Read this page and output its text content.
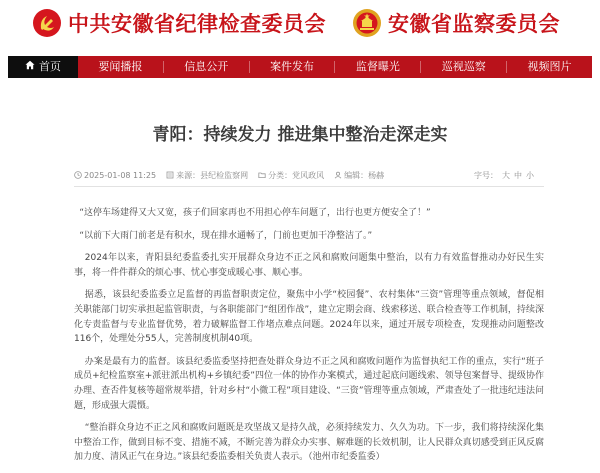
中共安徽省纪律检查委员会	安徽省监察委员会
首页	要闻播报	信息公开	案件发布	监督曝光	巡视巡察	视频图片
青阳：持续发力 推进集中整治走深走实
2025-01-08 11:25	来源：县纪检监察网	分类：党风政风	编辑：杨赫	字号： 大 中 小

“这停车场建得又大又宽，孩子们回家再也不用担心停车问题了，出行也更方便安全了！”

“以前下大雨门前老是有积水，现在排水通畅了，门前也更加干净整洁了。”

2024年以来，青阳县纪委监委扎实开展群众身边不正之风和腐败问题集中整治，以有力有效监督推动办好民生实事，将一件件群众的烦心事、忧心事变成暖心事、顺心事。

据悉，该县纪委监委立足监督的再监督职责定位，聚焦中小学“校园餐”、农村集体“三资”管理等重点领域，督促相关职能部门切实承担起监管职责，与各职能部门“组团作战”，建立定期会商、线索移送、联合检查等工作机制，持续深化专责监督与专业监督优势，着力破解监督工作堵点难点问题。2024年以来，通过开展专项检查，发现推动问题整改116个，处理处分55人，完善制度机制40项。

办案是最有力的监督。该县纪委监委坚持把查处群众身边不正之风和腐败问题作为监督执纪工作的重点，实行“班子成员+纪检监察室+派驻派出机构+乡镇纪委”四位一体的协作办案模式，通过起底问题线索、领导包案督导、提级协作办理、查否件复核等超常规举措，针对乡村“小微工程”项目建设、“三资”管理等重点领域，严肃查处了一批违纪违法问题，形成强大震慑。

“整治群众身边不正之风和腐败问题既是攻坚战又是持久战，必须持续发力、久久为功。下一步，我们将持续深化集中整治工作，做到目标不变、措施不减，不断完善为群众办实事、解难题的长效机制，让人民群众真切感受到正风反腐加力度、清风正气在身边。”该县纪委监委相关负责人表示。（池州市纪委监委）
